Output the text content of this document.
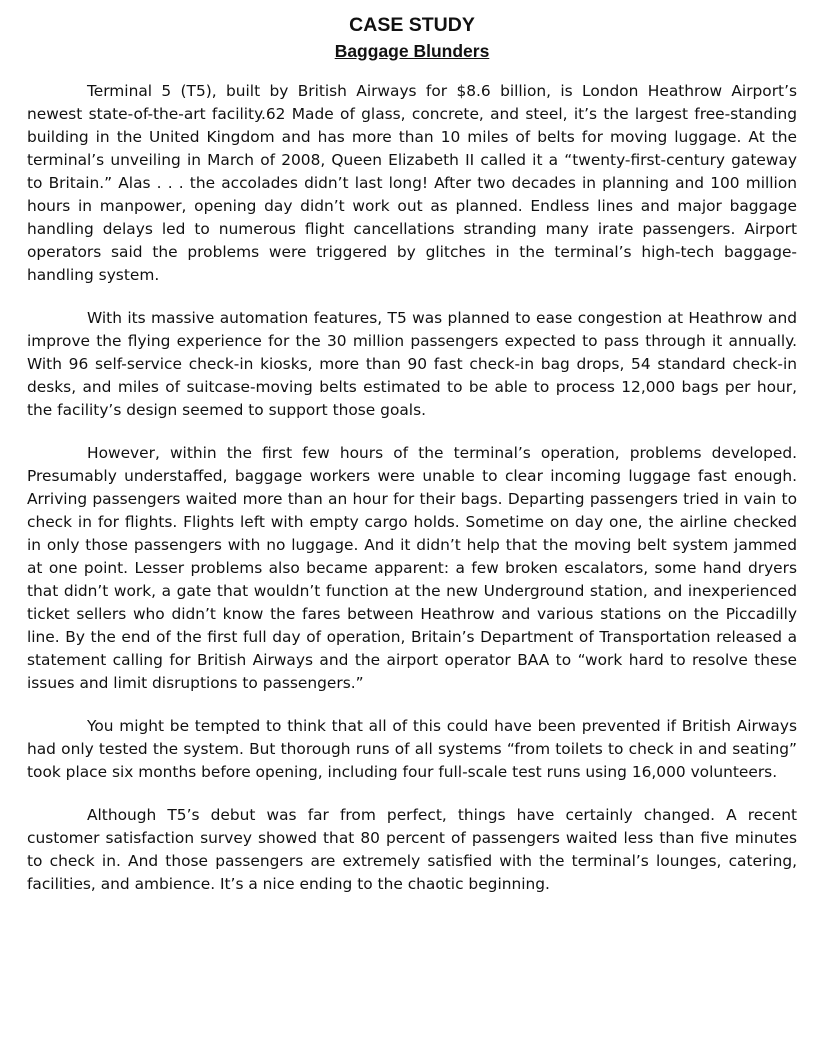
CASE STUDY
Baggage Blunders

Terminal 5 (T5), built by British Airways for $8.6 billion, is London Heathrow Airport’s newest state-of-the-art facility.62 Made of glass, concrete, and steel, it’s the largest free-standing building in the United Kingdom and has more than 10 miles of belts for moving luggage. At the terminal’s unveiling in March of 2008, Queen Elizabeth II called it a “twenty-first-century gateway to Britain.” Alas . . . the accolades didn’t last long! After two decades in planning and 100 million hours in manpower, opening day didn’t work out as planned. Endless lines and major baggage handling delays led to numerous flight cancellations stranding many irate passengers. Airport operators said the problems were triggered by glitches in the terminal’s high-tech baggage-handling system.

With its massive automation features, T5 was planned to ease congestion at Heathrow and improve the flying experience for the 30 million passengers expected to pass through it annually. With 96 self-service check-in kiosks, more than 90 fast check-in bag drops, 54 standard check-in desks, and miles of suitcase-moving belts estimated to be able to process 12,000 bags per hour, the facility’s design seemed to support those goals.

However, within the first few hours of the terminal’s operation, problems developed. Presumably understaffed, baggage workers were unable to clear incoming luggage fast enough. Arriving passengers waited more than an hour for their bags. Departing passengers tried in vain to check in for flights. Flights left with empty cargo holds. Sometime on day one, the airline checked in only those passengers with no luggage. And it didn’t help that the moving belt system jammed at one point. Lesser problems also became apparent: a few broken escalators, some hand dryers that didn’t work, a gate that wouldn’t function at the new Underground station, and inexperienced ticket sellers who didn’t know the fares between Heathrow and various stations on the Piccadilly line. By the end of the first full day of operation, Britain’s Department of Transportation released a statement calling for British Airways and the airport operator BAA to “work hard to resolve these issues and limit disruptions to passengers.”

You might be tempted to think that all of this could have been prevented if British Airways had only tested the system. But thorough runs of all systems “from toilets to check in and seating” took place six months before opening, including four full-scale test runs using 16,000 volunteers.

Although T5’s debut was far from perfect, things have certainly changed. A recent customer satisfaction survey showed that 80 percent of passengers waited less than five minutes to check in. And those passengers are extremely satisfied with the terminal’s lounges, catering, facilities, and ambience. It’s a nice ending to the chaotic beginning.
